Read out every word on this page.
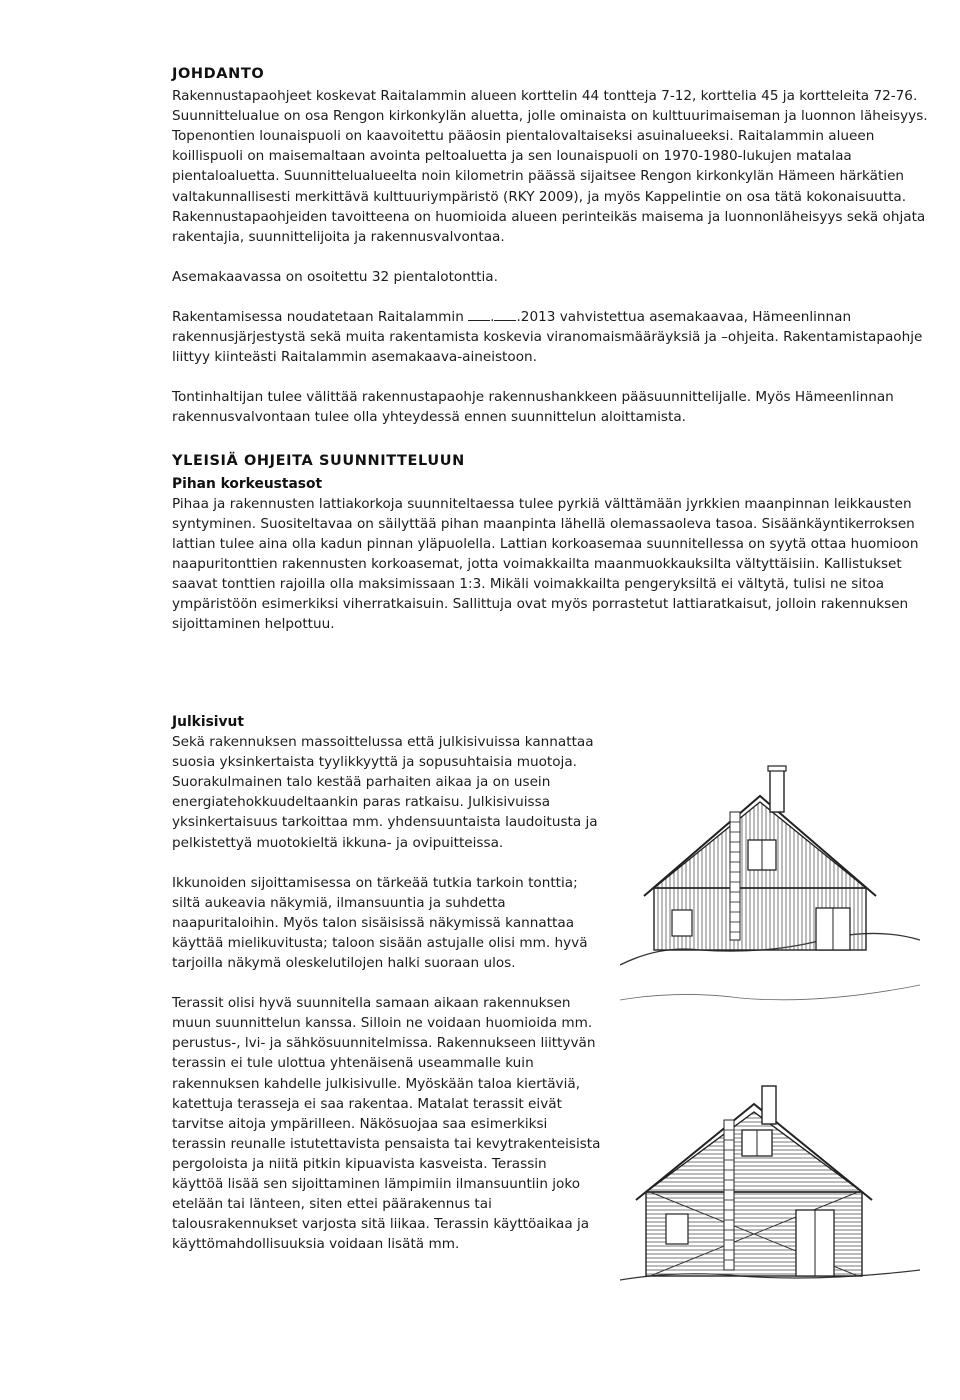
JOHDANTO

Rakennustapaohjeet koskevat Raitalammin alueen korttelin 44 tontteja 7-12, korttelia 45 ja kortteleita 72-76. Suunnittelualue on osa Rengon kirkonkylän aluetta, jolle ominaista on kulttuurimaiseman ja luonnon läheisyys. Topenontien lounaispuoli on kaavoitettu pääosin pientalovaltaiseksi asuinalueeksi. Raitalammin alueen koillispuoli on maisemaltaan avointa peltoaluetta ja sen lounaispuoli on 1970-1980-lukujen matalaa pientaloaluetta. Suunnittelualueelta noin kilometrin päässä sijaitsee Rengon kirkonkylän Hämeen härkätien valtakunnallisesti merkittävä kulttuuriympäristö (RKY 2009), ja myös Kappelintie on osa tätä kokonaisuutta. Rakennustapaohjeiden tavoitteena on huomioida alueen perinteikäs maisema ja luonnonläheisyys sekä ohjata rakentajia, suunnittelijoita ja rakennusvalvontaa.

Asemakaavassa on osoitettu 32 pientalotonttia.

Rakentamisessa noudatetaan Raitalammin . .2013 vahvistettua asemakaavaa, Hämeenlinnan rakennusjärjestystä sekä muita rakentamista koskevia viranomaismääräyksiä ja –ohjeita. Rakentamistapaohje liittyy kiinteästi Raitalammin asemakaava-aineistoon.

Tontinhaltijan tulee välittää rakennustapaohje rakennushankkeen pääsuunnittelijalle. Myös Hämeenlinnan rakennusvalvontaan tulee olla yhteydessä ennen suunnittelun aloittamista.

YLEISIÄ OHJEITA SUUNNITTELUUN
Pihan korkeustasot

Pihaa ja rakennusten lattiakorkoja suunniteltaessa tulee pyrkiä välttämään jyrkkien maanpinnan leikkausten syntyminen. Suositeltavaa on säilyttää pihan maanpinta lähellä olemassaoleva tasoa. Sisäänkäyntikerroksen lattian tulee aina olla kadun pinnan yläpuolella. Lattian korkoasemaa suunnitellessa on syytä ottaa huomioon naapuritonttien rakennusten korkoasemat, jotta voimakkailta maanmuokkauksilta vältyttäisiin. Kallistukset saavat tonttien rajoilla olla maksimissaan 1:3. Mikäli voimakkailta pengeryksiltä ei vältytä, tulisi ne sitoa ympäristöön esimerkiksi viherratkaisuin. Sallittuja ovat myös porrastetut lattiaratkaisut, jolloin rakennuksen sijoittaminen helpottuu.

Julkisivut

Sekä rakennuksen massoittelussa että julkisivuissa kannattaa suosia yksinkertaista tyylikkyyttä ja sopusuhtaisia muotoja. Suorakulmainen talo kestää parhaiten aikaa ja on usein energiatehokkuudeltaankin paras ratkaisu. Julkisivuissa yksinkertaisuus tarkoittaa mm. yhdensuuntaista laudoitusta ja pelkistettyä muotokieltä ikkuna- ja ovipuitteissa.

Ikkunoiden sijoittamisessa on tärkeää tutkia tarkoin tonttia; siltä aukeavia näkymiä, ilmansuuntia ja suhdetta naapuritaloihin. Myös talon sisäisissä näkymissä kannattaa käyttää mielikuvitusta; taloon sisään astujalle olisi mm. hyvä tarjoilla näkymä oleskelutilojen halki suoraan ulos.

Terassit olisi hyvä suunnitella samaan aikaan rakennuksen muun suunnittelun kanssa. Silloin ne voidaan huomioida mm. perustus-, lvi- ja sähkösuunnitelmissa. Rakennukseen liittyvän terassin ei tule ulottua yhtenäisenä useammalle kuin rakennuksen kahdelle julkisivulle. Myöskään taloa kiertäviä, katettuja terasseja ei saa rakentaa. Matalat terassit eivät tarvitse aitoja ympärilleen. Näkösuojaa saa esimerkiksi terassin reunalle istutettavista pensaista tai kevytrakenteisista pergoloista ja niitä pitkin kipuavista kasveista. Terassin käyttöä lisää sen sijoittaminen lämpimiin ilmansuuntiin joko etelään tai länteen, siten ettei päärakennus tai talousrakennukset varjosta sitä liikaa. Terassin käyttöaikaa ja käyttömahdollisuuksia voidaan lisätä mm.
